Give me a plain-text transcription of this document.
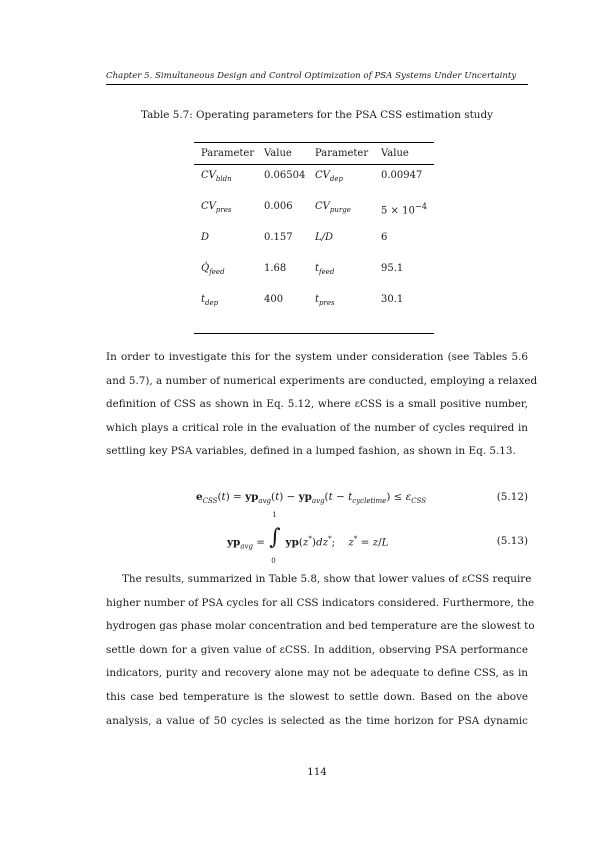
Chapter 5. Simultaneous Design and Control Optimization of PSA Systems Under Uncertainty
Table 5.7: Operating parameters for the PSA CSS estimation study
Parameter Value Parameter Value
$CV_{bldn}$	0.06504 $CV_{dep}$	0.00947
$CV_{pres}$	0.006 $CV_{purge}$	$5 \times 10^{-4}$
D	0.157 L/D	6
$Q̇_{feed}$	1.68	$t_{feed}$	95.1
$t_{dep}$	400	$t_{pres}$	30.1
In order to investigate this for the system under consideration (see Tables 5.6
and 5.7), a number of numerical experiments are conducted, employing a relaxed
definition of CSS as shown in Eq. 5.12, where εCSS is a small positive number,
which plays a critical role in the evaluation of the number of cycles required in
settling key PSA variables, defined in a lumped fashion, as shown in Eq. 5.13.
$e_{CSS}(t) = yp_{avg}(t) - yp_{avg}(t - t_{cycletime}) \le \varepsilon_{CSS}$	(5.12)
$yp_{avg}$ =
1
∫
0
yp(z*)dz*;    z* = z/L	(5.13)
The results, summarized in Table 5.8, show that lower values of εCSS require
higher number of PSA cycles for all CSS indicators considered. Furthermore, the
hydrogen gas phase molar concentration and bed temperature are the slowest to
settle down for a given value of εCSS. In addition, observing PSA performance
indicators, purity and recovery alone may not be adequate to define CSS, as in
this case bed temperature is the slowest to settle down. Based on the above
analysis, a value of 50 cycles is selected as the time horizon for PSA dynamic
114
